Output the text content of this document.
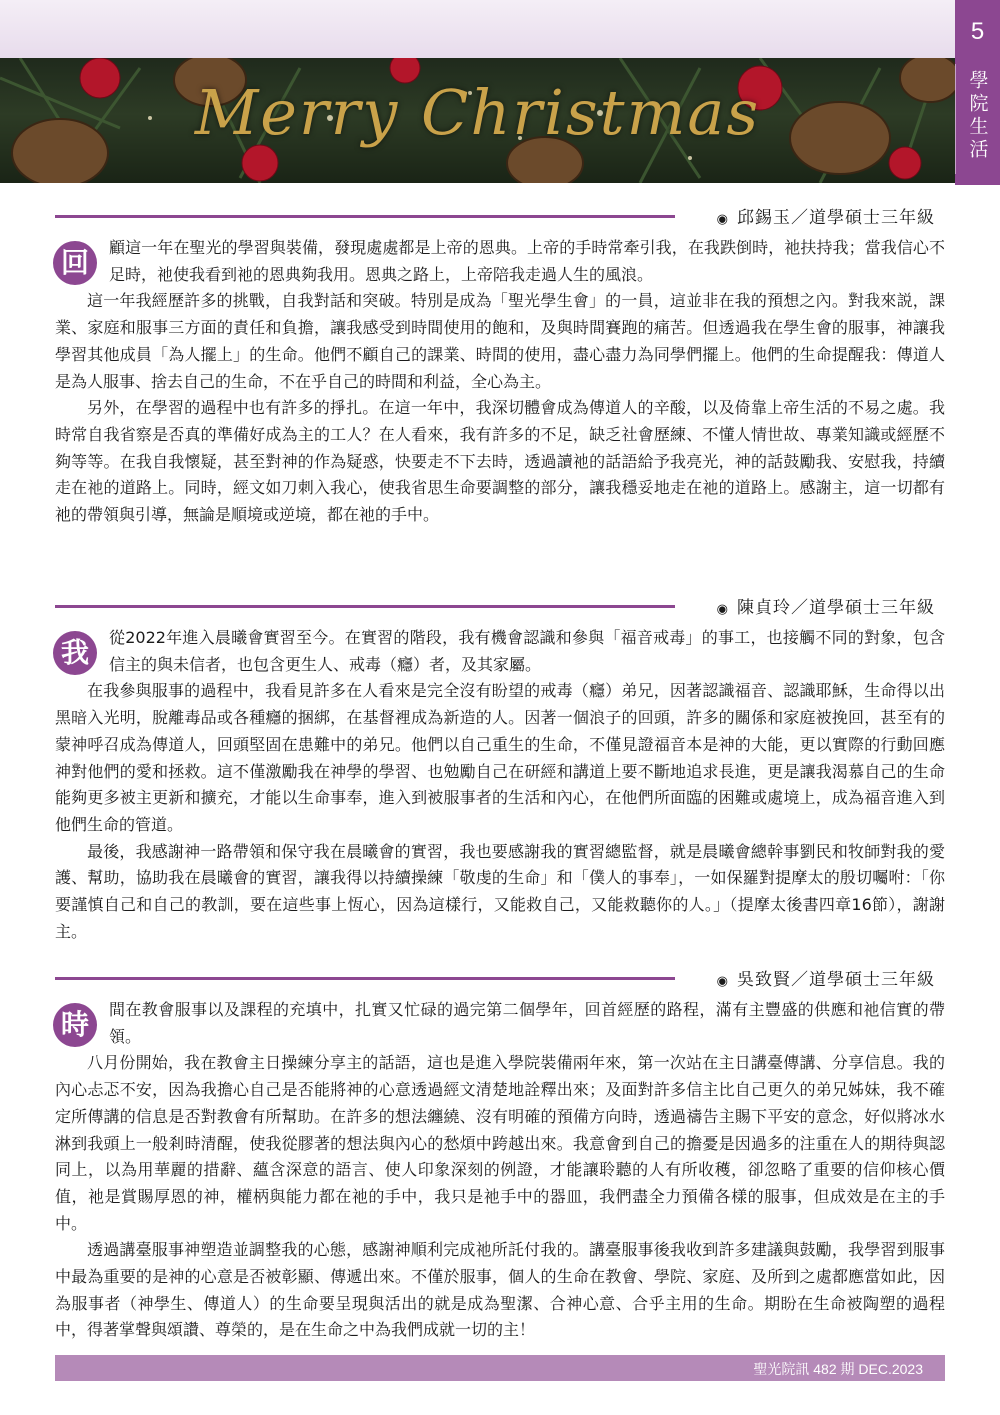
Merry Christmas
5
學院生活
◉ 邱錫玉／道學碩士三年級
回	顧這一年在聖光的學習與裝備，發現處處都是上帝的恩典。上帝的手時常牽引我，在我跌倒時，祂扶持我；當我信心不足時，祂使我看到祂的恩典夠我用。恩典之路上，上帝陪我走過人生的風浪。
這一年我經歷許多的挑戰，自我對話和突破。特別是成為「聖光學生會」的一員，這並非在我的預想之內。對我來説，課業、家庭和服事三方面的責任和負擔，讓我感受到時間使用的飽和，及與時間賽跑的痛苦。但透過我在學生會的服事，神讓我學習其他成員「為人擺上」的生命。他們不顧自己的課業、時間的使用，盡心盡力為同學們擺上。他們的生命提醒我：傳道人是為人服事、捨去自己的生命，不在乎自己的時間和利益，全心為主。
另外，在學習的過程中也有許多的掙扎。在這一年中，我深切體會成為傳道人的辛酸，以及倚靠上帝生活的不易之處。我時常自我省察是否真的準備好成為主的工人？在人看來，我有許多的不足，缺乏社會歷練、不懂人情世故、專業知識或經歷不夠等等。在我自我懷疑，甚至對神的作為疑惑，快要走不下去時，透過讀祂的話語給予我亮光，神的話鼓勵我、安慰我，持續走在祂的道路上。同時，經文如刀刺入我心，使我省思生命要調整的部分，讓我穩妥地走在祂的道路上。感謝主，這一切都有祂的帶領與引導，無論是順境或逆境，都在祂的手中。
◉ 陳貞玲／道學碩士三年級
我	從2022年進入晨曦會實習至今。在實習的階段，我有機會認識和參與「福音戒毒」的事工，也接觸不同的對象，包含信主的與未信者，也包含更生人、戒毒（癮）者，及其家屬。
在我參與服事的過程中，我看見許多在人看來是完全沒有盼望的戒毒（癮）弟兄，因著認識福音、認識耶穌，生命得以出黑暗入光明，脫離毒品或各種癮的捆綁，在基督裡成為新造的人。因著一個浪子的回頭，許多的關係和家庭被挽回，甚至有的蒙神呼召成為傳道人，回頭堅固在患難中的弟兄。他們以自己重生的生命，不僅見證福音本是神的大能，更以實際的行動回應神對他們的愛和拯救。這不僅激勵我在神學的學習、也勉勵自己在研經和講道上要不斷地追求長進，更是讓我渴慕自己的生命能夠更多被主更新和擴充，才能以生命事奉，進入到被服事者的生活和內心，在他們所面臨的困難或處境上，成為福音進入到他們生命的管道。
最後，我感謝神一路帶領和保守我在晨曦會的實習，我也要感謝我的實習總監督，就是晨曦會總幹事劉民和牧師對我的愛護、幫助，協助我在晨曦會的實習，讓我得以持續操練「敬虔的生命」和「僕人的事奉」，一如保羅對提摩太的殷切囑咐：「你要謹慎自己和自己的教訓，要在這些事上恆心，因為這樣行，又能救自己，又能救聽你的人。」（提摩太後書四章16節），謝謝主。
◉ 吳致賢／道學碩士三年級
時	間在教會服事以及課程的充填中，扎實又忙碌的過完第二個學年，回首經歷的路程，滿有主豐盛的供應和祂信實的帶領。
八月份開始，我在教會主日操練分享主的話語，這也是進入學院裝備兩年來，第一次站在主日講臺傳講、分享信息。我的內心忐忑不安，因為我擔心自己是否能將神的心意透過經文清楚地詮釋出來；及面對許多信主比自己更久的弟兄姊妹，我不確定所傳講的信息是否對教會有所幫助。在許多的想法纏繞、沒有明確的預備方向時，透過禱告主賜下平安的意念，好似將冰水淋到我頭上一般剎時清醒，使我從膠著的想法與內心的愁煩中跨越出來。我意會到自己的擔憂是因過多的注重在人的期待與認同上，以為用華麗的措辭、蘊含深意的語言、使人印象深刻的例證，才能讓聆聽的人有所收穫，卻忽略了重要的信仰核心價值，祂是賞賜厚恩的神，權柄與能力都在祂的手中，我只是祂手中的器皿，我們盡全力預備各樣的服事，但成效是在主的手中。
透過講臺服事神塑造並調整我的心態，感謝神順利完成祂所託付我的。講臺服事後我收到許多建議與鼓勵，我學習到服事中最為重要的是神的心意是否被彰顯、傳遞出來。不僅於服事，個人的生命在教會、學院、家庭、及所到之處都應當如此，因為服事者（神學生、傳道人）的生命要呈現與活出的就是成為聖潔、合神心意、合乎主用的生命。期盼在生命被陶塑的過程中，得著掌聲與頌讚、尊榮的，是在生命之中為我們成就一切的主！
聖光院訊 482 期 DEC.2023
